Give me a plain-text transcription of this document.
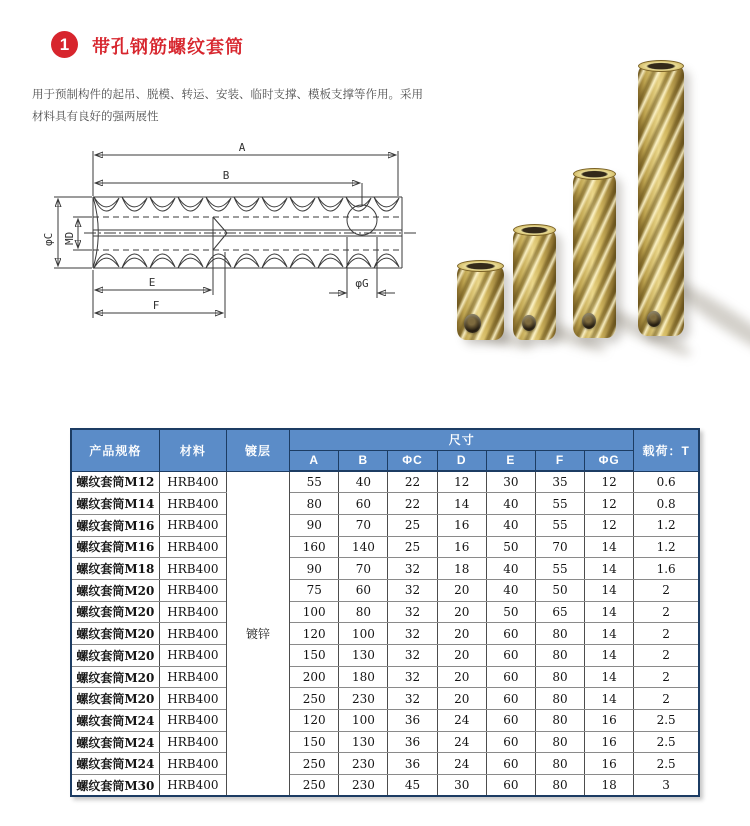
1	带孔钢筋螺纹套筒
用于预制构件的起吊、脱模、转运、安装、临时支撑、模板支撑等作用。采用
材料具有良好的强两展性
A
B
φC MD
E
F
φG
产品规格	材料	镀层	尺寸							载荷：T
			A	B	ΦC	D	E	F	ΦG	
螺纹套筒M12	HRB400	镀锌	55	40	22	12	30	35	12	0.6
螺纹套筒M14	HRB400		80	60	22	14	40	55	12	0.8
螺纹套筒M16	HRB400		90	70	25	16	40	55	12	1.2
螺纹套筒M16	HRB400		160	140	25	16	50	70	14	1.2
螺纹套筒M18	HRB400		90	70	32	18	40	55	14	1.6
螺纹套筒M20	HRB400		75	60	32	20	40	50	14	2
螺纹套筒M20	HRB400		100	80	32	20	50	65	14	2
螺纹套筒M20	HRB400		120	100	32	20	60	80	14	2
螺纹套筒M20	HRB400		150	130	32	20	60	80	14	2
螺纹套筒M20	HRB400		200	180	32	20	60	80	14	2
螺纹套筒M20	HRB400		250	230	32	20	60	80	14	2
螺纹套筒M24	HRB400		120	100	36	24	60	80	16	2.5
螺纹套筒M24	HRB400		150	130	36	24	60	80	16	2.5
螺纹套筒M24	HRB400		250	230	36	24	60	80	16	2.5
螺纹套筒M30	HRB400		250	230	45	30	60	80	18	3
